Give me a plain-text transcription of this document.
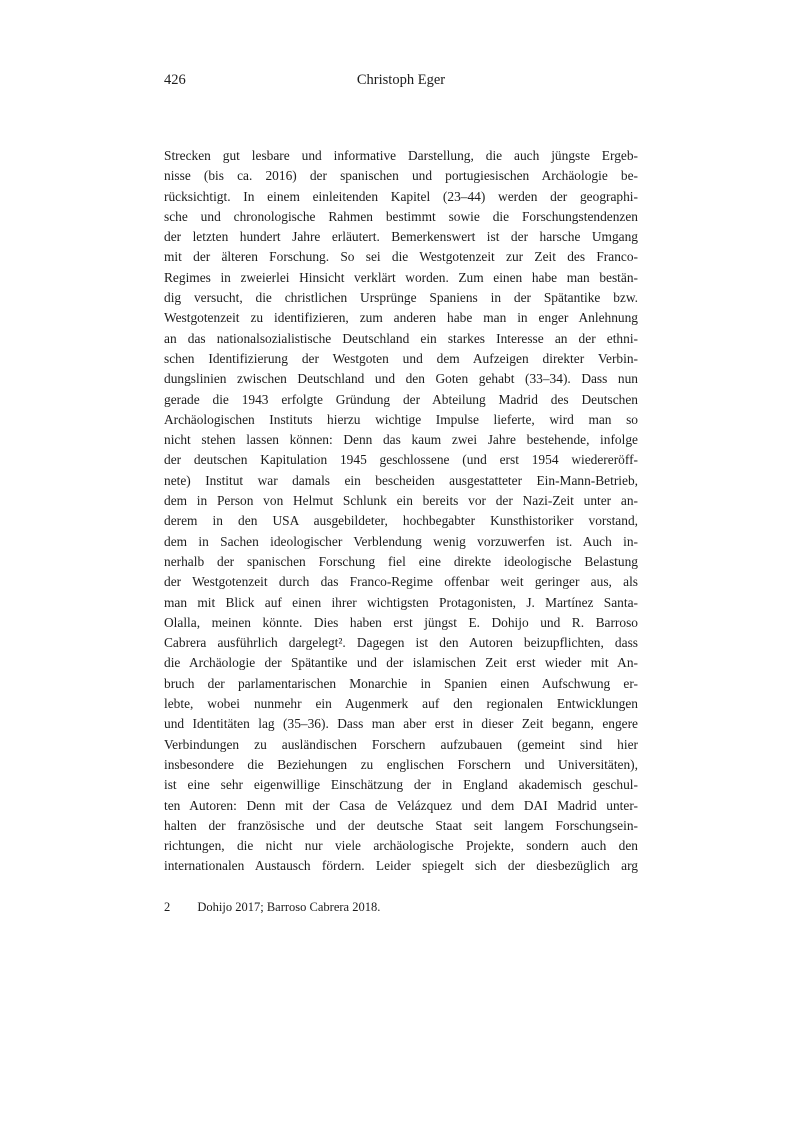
426	Christoph Eger
Strecken gut lesbare und informative Darstellung, die auch jüngste Ergeb-
nisse (bis ca. 2016) der spanischen und portugiesischen Archäologie be-
rücksichtigt. In einem einleitenden Kapitel (23–44) werden der geographi-
sche und chronologische Rahmen bestimmt sowie die Forschungstendenzen
der letzten hundert Jahre erläutert. Bemerkenswert ist der harsche Umgang
mit der älteren Forschung. So sei die Westgotenzeit zur Zeit des Franco-
Regimes in zweierlei Hinsicht verklärt worden. Zum einen habe man bestän-
dig versucht, die christlichen Ursprünge Spaniens in der Spätantike bzw.
Westgotenzeit zu identifizieren, zum anderen habe man in enger Anlehnung
an das nationalsozialistische Deutschland ein starkes Interesse an der ethni-
schen Identifizierung der Westgoten und dem Aufzeigen direkter Verbin-
dungslinien zwischen Deutschland und den Goten gehabt (33–34). Dass nun
gerade die 1943 erfolgte Gründung der Abteilung Madrid des Deutschen
Archäologischen Instituts hierzu wichtige Impulse lieferte, wird man so
nicht stehen lassen können: Denn das kaum zwei Jahre bestehende, infolge
der deutschen Kapitulation 1945 geschlossene (und erst 1954 wiedereröff-
nete) Institut war damals ein bescheiden ausgestatteter Ein-Mann-Betrieb,
dem in Person von Helmut Schlunk ein bereits vor der Nazi-Zeit unter an-
derem in den USA ausgebildeter, hochbegabter Kunsthistoriker vorstand,
dem in Sachen ideologischer Verblendung wenig vorzuwerfen ist. Auch in-
nerhalb der spanischen Forschung fiel eine direkte ideologische Belastung
der Westgotenzeit durch das Franco-Regime offenbar weit geringer aus, als
man mit Blick auf einen ihrer wichtigsten Protagonisten, J. Martínez Santa-
Olalla, meinen könnte. Dies haben erst jüngst E. Dohijo und R. Barroso
Cabrera ausführlich dargelegt². Dagegen ist den Autoren beizupflichten, dass
die Archäologie der Spätantike und der islamischen Zeit erst wieder mit An-
bruch der parlamentarischen Monarchie in Spanien einen Aufschwung er-
lebte, wobei nunmehr ein Augenmerk auf den regionalen Entwicklungen
und Identitäten lag (35–36). Dass man aber erst in dieser Zeit begann, engere
Verbindungen zu ausländischen Forschern aufzubauen (gemeint sind hier
insbesondere die Beziehungen zu englischen Forschern und Universitäten),
ist eine sehr eigenwillige Einschätzung der in England akademisch geschul-
ten Autoren: Denn mit der Casa de Velázquez und dem DAI Madrid unter-
halten der französische und der deutsche Staat seit langem Forschungsein-
richtungen, die nicht nur viele archäologische Projekte, sondern auch den
internationalen Austausch fördern. Leider spiegelt sich der diesbezüglich arg
2 Dohijo 2017; Barroso Cabrera 2018.
